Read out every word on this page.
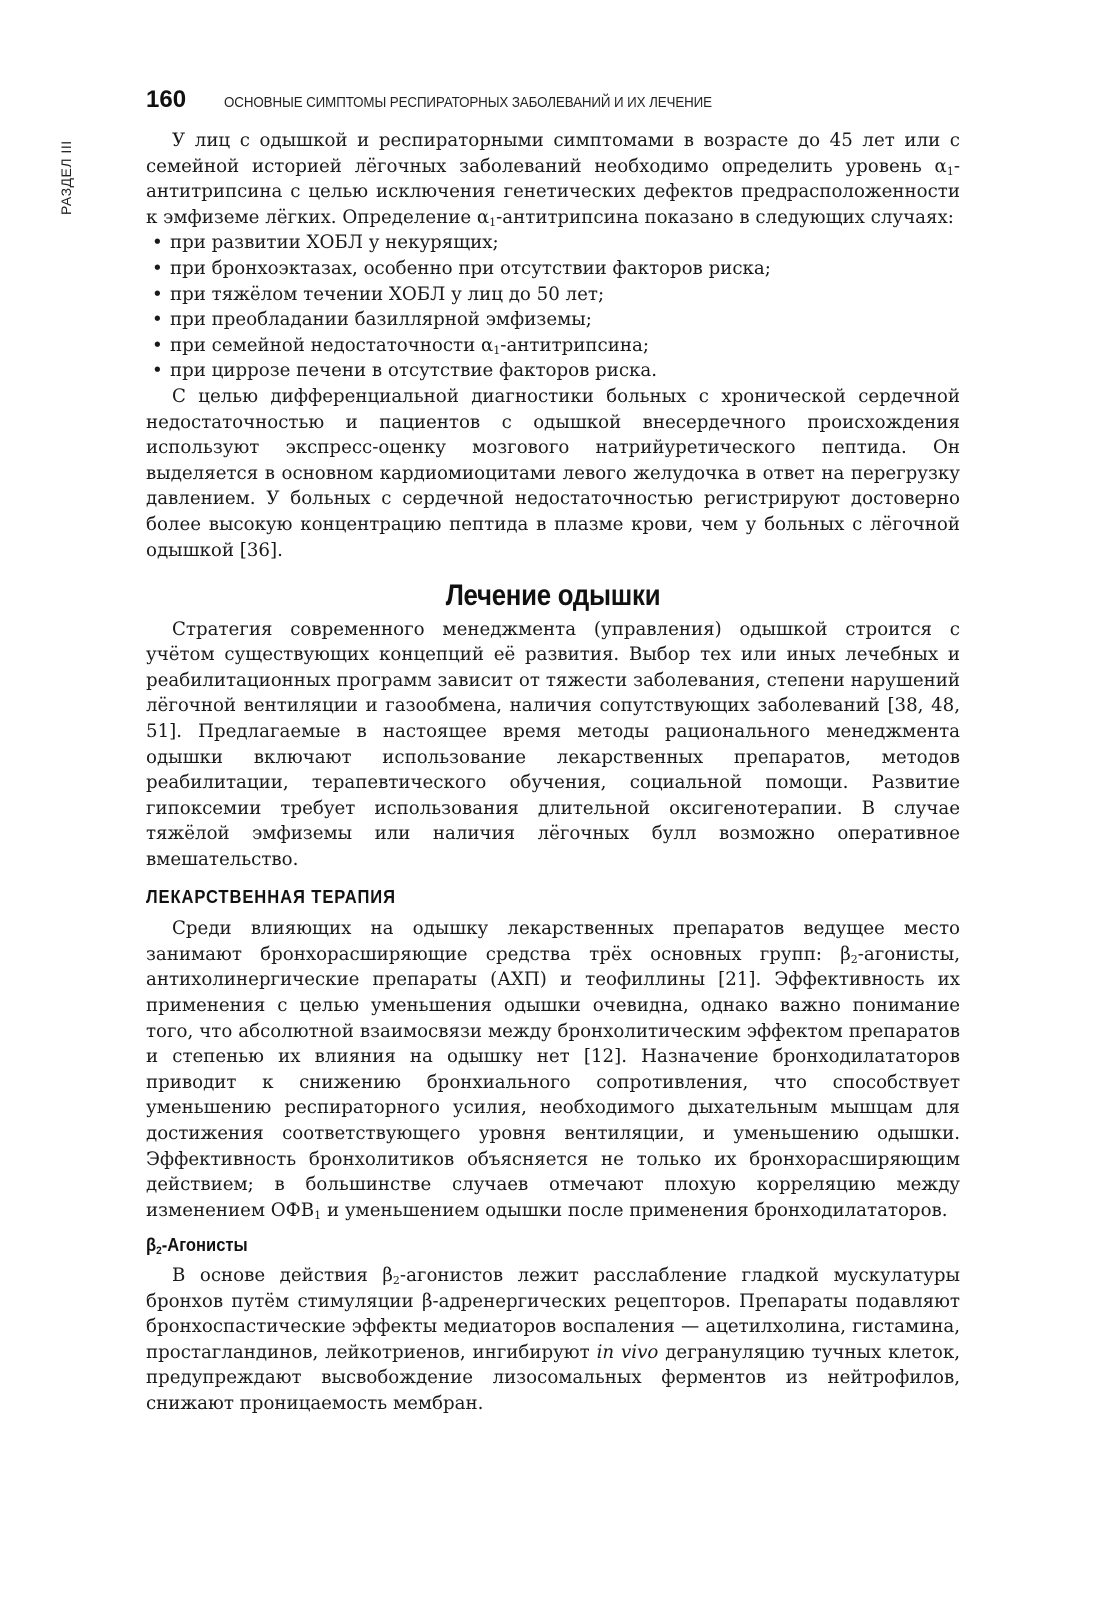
РАЗДЕЛ III
160	ОСНОВНЫЕ СИМПТОМЫ РЕСПИРАТОРНЫХ ЗАБОЛЕВАНИЙ И ИХ ЛЕЧЕНИЕ

У лиц с одышкой и респираторными симптомами в возрасте до 45 лет или с семейной историей лёгочных заболеваний необходимо определить уровень $\alpha_1$-антитрипсина с целью исключения генетических дефектов предрасположенности к эмфиземе лёгких. Определение $\alpha_1$-антитрипсина показано в следующих случаях:

• при развитии ХОБЛ у некурящих;
• при бронхоэктазах, особенно при отсутствии факторов риска;
• при тяжёлом течении ХОБЛ у лиц до 50 лет;
• при преобладании базиллярной эмфиземы;
• при семейной недостаточности $\alpha_1$-антитрипсина;
• при циррозе печени в отсутствие факторов риска.

С целью дифференциальной диагностики больных с хронической сердечной недостаточностью и пациентов с одышкой внесердечного происхождения используют экспресс-оценку мозгового натрийуретического пептида. Он выделяется в основном кардиомиоцитами левого желудочка в ответ на перегрузку давлением. У больных с сердечной недостаточностью регистрируют достоверно более высокую концентрацию пептида в плазме крови, чем у больных с лёгочной одышкой [36].

Лечение одышки

Стратегия современного менеджмента (управления) одышкой строится с учётом существующих концепций её развития. Выбор тех или иных лечебных и реабилитационных программ зависит от тяжести заболевания, степени нарушений лёгочной вентиляции и газообмена, наличия сопутствующих заболеваний [38, 48, 51]. Предлагаемые в настоящее время методы рационального менеджмента одышки включают использование лекарственных препаратов, методов реабилитации, терапевтического обучения, социальной помощи. Развитие гипоксемии требует использования длительной оксигенотерапии. В случае тяжёлой эмфиземы или наличия лёгочных булл возможно оперативное вмешательство.

ЛЕКАРСТВЕННАЯ ТЕРАПИЯ

Среди влияющих на одышку лекарственных препаратов ведущее место занимают бронхорасширяющие средства трёх основных групп: $\beta_2$-агонисты, антихолинергические препараты (АХП) и теофиллины [21]. Эффективность их применения с целью уменьшения одышки очевидна, однако важно понимание того, что абсолютной взаимосвязи между бронхолитическим эффектом препаратов и степенью их влияния на одышку нет [12]. Назначение бронходилататоров приводит к снижению бронхиального сопротивления, что способствует уменьшению респираторного усилия, необходимого дыхательным мышцам для достижения соответствующего уровня вентиляции, и уменьшению одышки. Эффективность бронхолитиков объясняется не только их бронхорасширяющим действием; в большинстве случаев отмечают плохую корреляцию между изменением $ОФВ_1$ и уменьшением одышки после применения бронходилататоров.

$\beta_2$-Агонисты

В основе действия $\beta_2$-агонистов лежит расслабление гладкой мускулатуры бронхов путём стимуляции β-адренергических рецепторов. Препараты подавляют бронхоспастические эффекты медиаторов воспаления — ацетилхолина, гистамина, простагландинов, лейкотриенов, ингибируют in vivo дегрануляцию тучных клеток, предупреждают высвобождение лизосомальных ферментов из нейтрофилов, снижают проницаемость мембран.
